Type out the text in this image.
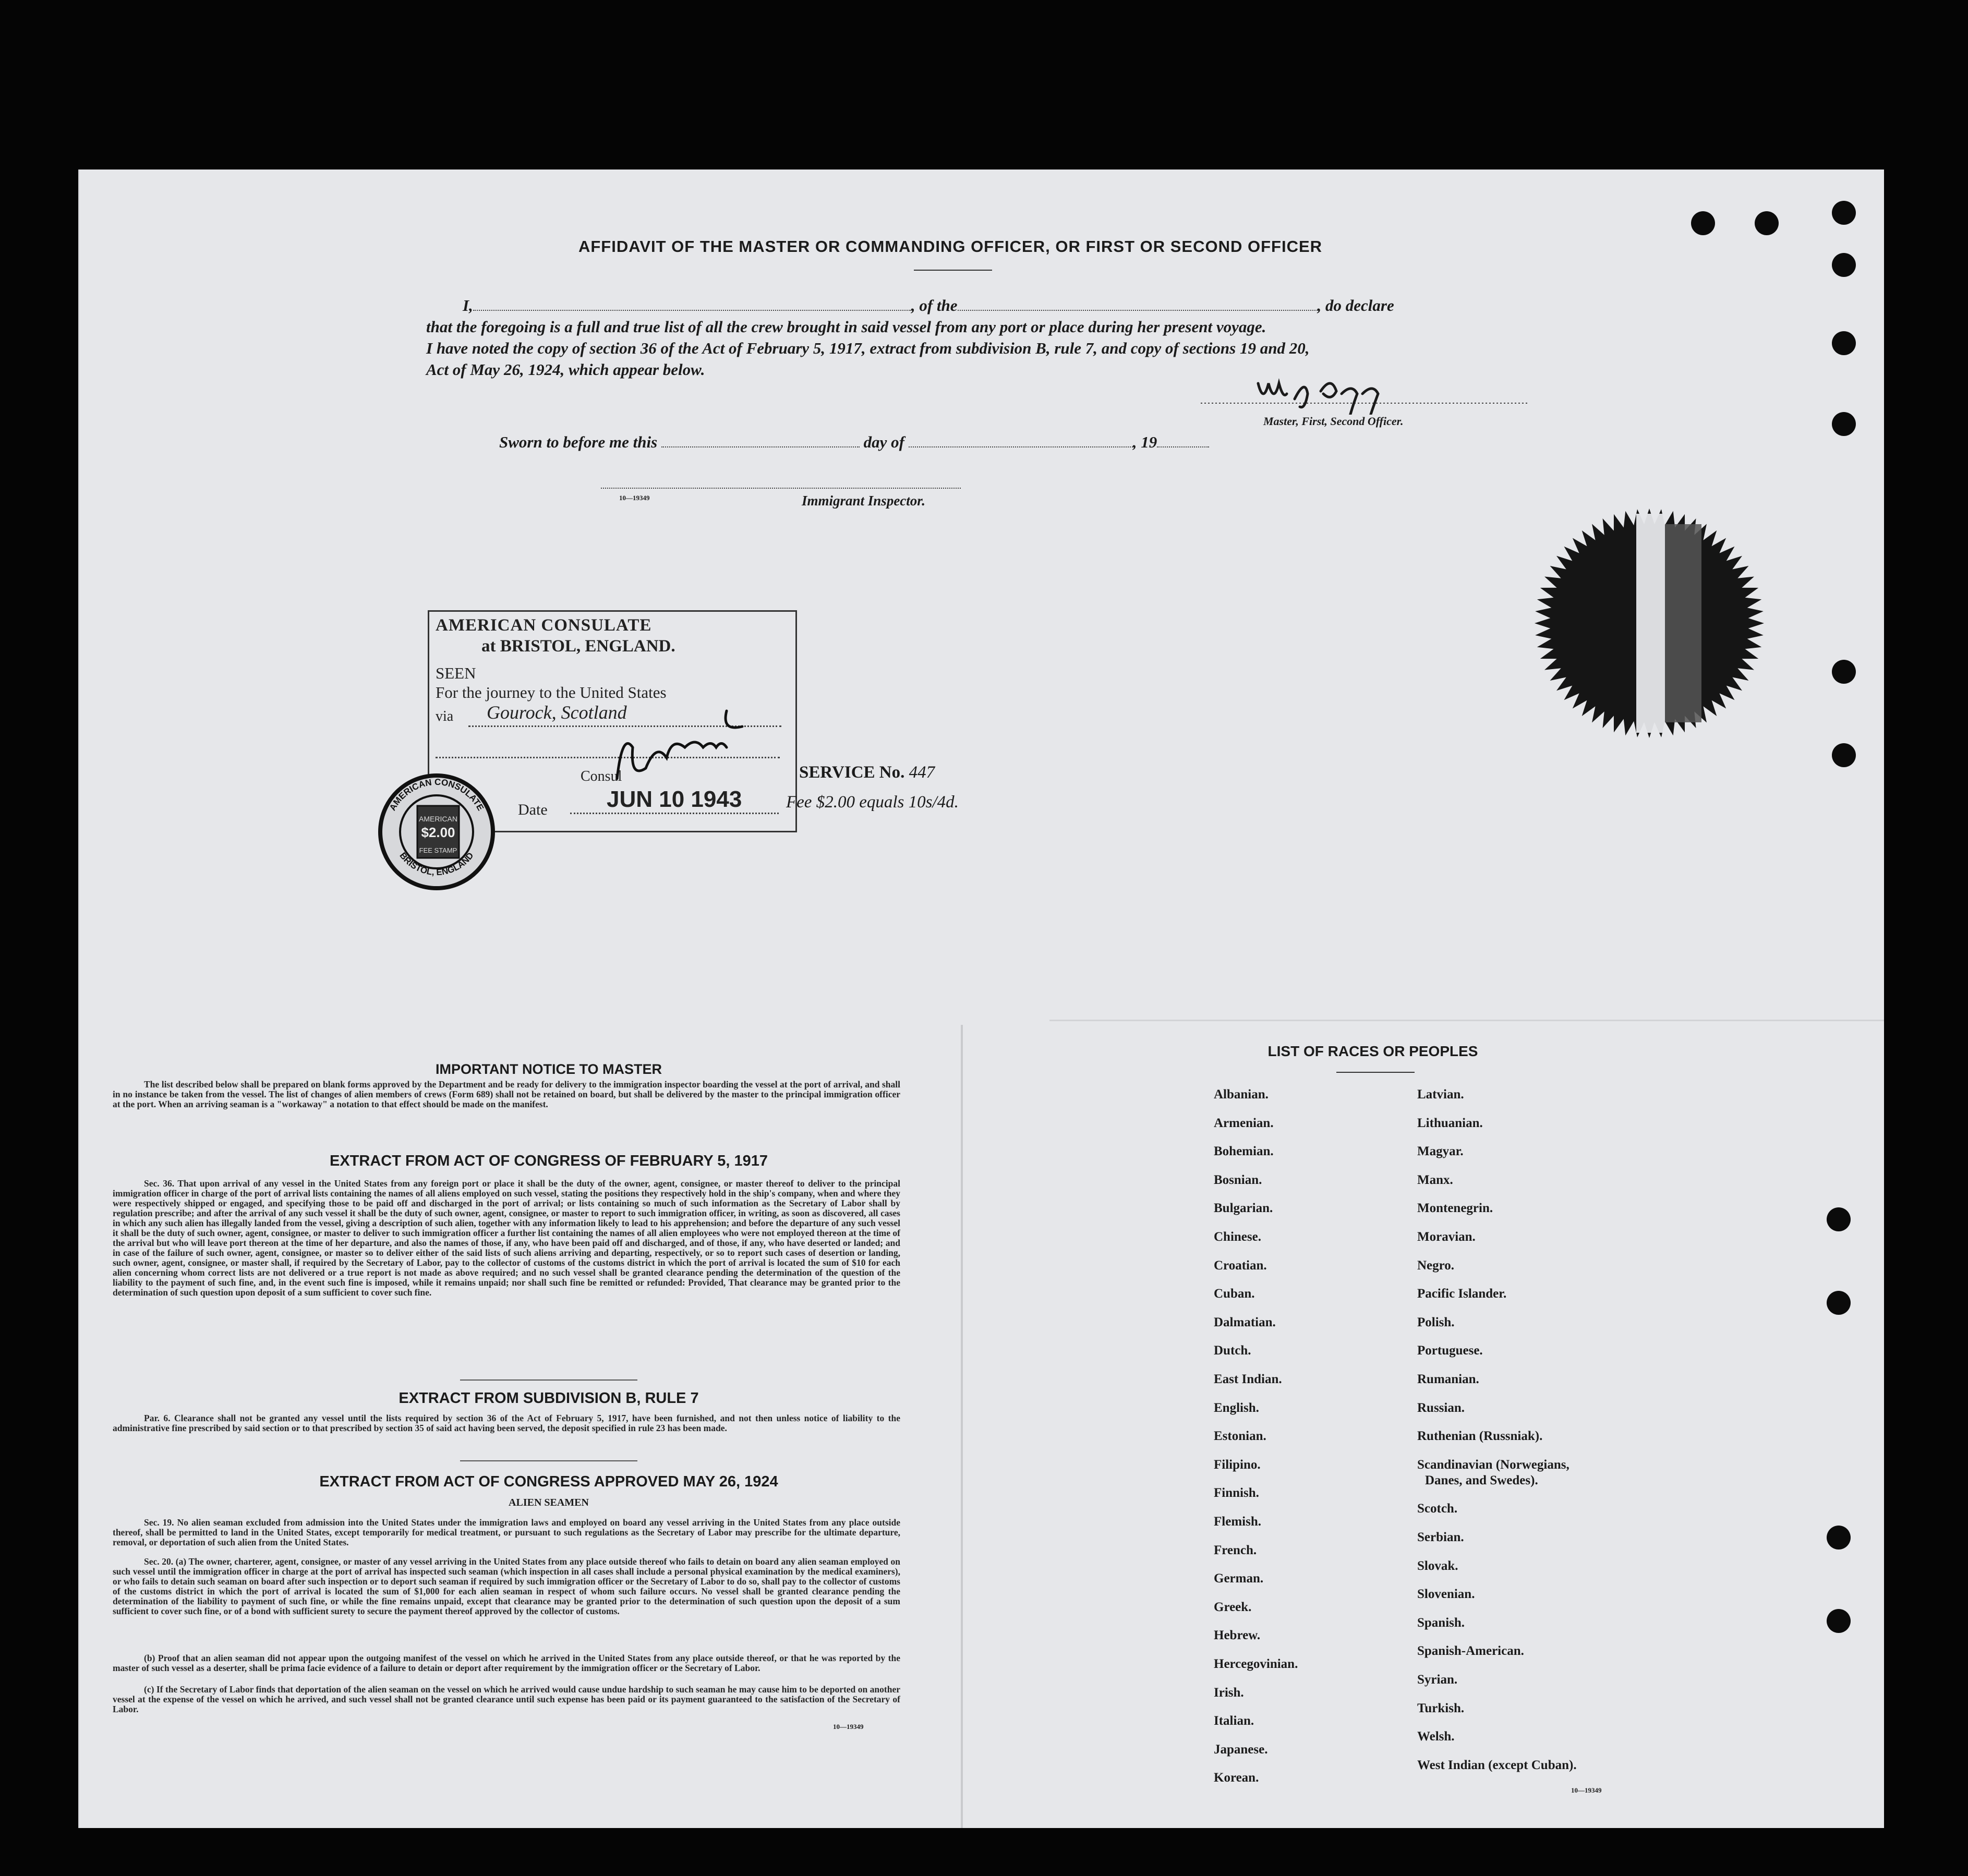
AFFIDAVIT OF THE MASTER OR COMMANDING OFFICER, OR FIRST OR SECOND OFFICER
I,	, of the	, do declare
that the foregoing is a full and true list of all the crew brought in said vessel from any port or place during her present voyage.
I have noted the copy of section 36 of the Act of February 5, 1917, extract from subdivision B, rule 7, and copy of sections 19 and 20,
Act of May 26, 1924, which appear below.
Master, First, Second Officer.
Sworn to before me this	day of	, 19
10—19349	Immigrant Inspector.
AMERICAN CONSULATE
at BRISTOL, ENGLAND.
SEEN
For the journey to the United States
via Gourock, Scotland
Consul
Date	JUN 10 1943
AMERICAN
$2.00
FEE STAMP
AMERICAN CONSULATE
BRISTOL, ENGLAND
SERVICE No. 447
Fee $2.00 equals 10s/4d.
IMPORTANT NOTICE TO MASTER
The list described below shall be prepared on blank forms approved by the Department and be ready for delivery to the immigration inspector boarding the vessel at the port of arrival, and shall in no instance be taken from the vessel. The list of changes of alien members of crews (Form 689) shall not be retained on board, but shall be delivered by the master to the principal immigration officer at the port. When an arriving seaman is a "workaway" a notation to that effect should be made on the manifest.
EXTRACT FROM ACT OF CONGRESS OF FEBRUARY 5, 1917
Sec. 36. That upon arrival of any vessel in the United States from any foreign port or place it shall be the duty of the owner, agent, consignee, or master thereof to deliver to the principal immigration officer in charge of the port of arrival lists containing the names of all aliens employed on such vessel, stating the positions they respectively hold in the ship's company, when and where they were respectively shipped or engaged, and specifying those to be paid off and discharged in the port of arrival; or lists containing so much of such information as the Secretary of Labor shall by regulation prescribe; and after the arrival of any such vessel it shall be the duty of such owner, agent, consignee, or master to report to such immigration officer, in writing, as soon as discovered, all cases in which any such alien has illegally landed from the vessel, giving a description of such alien, together with any information likely to lead to his apprehension; and before the departure of any such vessel it shall be the duty of such owner, agent, consignee, or master to deliver to such immigration officer a further list containing the names of all alien employees who were not employed thereon at the time of the arrival but who will leave port thereon at the time of her departure, and also the names of those, if any, who have been paid off and discharged, and of those, if any, who have deserted or landed; and in case of the failure of such owner, agent, consignee, or master so to deliver either of the said lists of such aliens arriving and departing, respectively, or so to report such cases of desertion or landing, such owner, agent, consignee, or master shall, if required by the Secretary of Labor, pay to the collector of customs of the customs district in which the port of arrival is located the sum of $10 for each alien concerning whom correct lists are not delivered or a true report is not made as above required; and no such vessel shall be granted clearance pending the determination of the question of the liability to the payment of such fine, and, in the event such fine is imposed, while it remains unpaid; nor shall such fine be remitted or refunded: Provided, That clearance may be granted prior to the determination of such question upon deposit of a sum sufficient to cover such fine.
EXTRACT FROM SUBDIVISION B, RULE 7
Par. 6. Clearance shall not be granted any vessel until the lists required by section 36 of the Act of February 5, 1917, have been furnished, and not then unless notice of liability to the administrative fine prescribed by said section or to that prescribed by section 35 of said act having been served, the deposit specified in rule 23 has been made.
EXTRACT FROM ACT OF CONGRESS APPROVED MAY 26, 1924
ALIEN SEAMEN
Sec. 19. No alien seaman excluded from admission into the United States under the immigration laws and employed on board any vessel arriving in the United States from any place outside thereof, shall be permitted to land in the United States, except temporarily for medical treatment, or pursuant to such regulations as the Secretary of Labor may prescribe for the ultimate departure, removal, or deportation of such alien from the United States.
Sec. 20. (a) The owner, charterer, agent, consignee, or master of any vessel arriving in the United States from any place outside thereof who fails to detain on board any alien seaman employed on such vessel until the immigration officer in charge at the port of arrival has inspected such seaman (which inspection in all cases shall include a personal physical examination by the medical examiners), or who fails to detain such seaman on board after such inspection or to deport such seaman if required by such immigration officer or the Secretary of Labor to do so, shall pay to the collector of customs of the customs district in which the port of arrival is located the sum of $1,000 for each alien seaman in respect of whom such failure occurs. No vessel shall be granted clearance pending the determination of the liability to payment of such fine, or while the fine remains unpaid, except that clearance may be granted prior to the determination of such question upon the deposit of a sum sufficient to cover such fine, or of a bond with sufficient surety to secure the payment thereof approved by the collector of customs.
(b) Proof that an alien seaman did not appear upon the outgoing manifest of the vessel on which he arrived in the United States from any place outside thereof, or that he was reported by the master of such vessel as a deserter, shall be prima facie evidence of a failure to detain or deport after requirement by the immigration officer or the Secretary of Labor.
(c) If the Secretary of Labor finds that deportation of the alien seaman on the vessel on which he arrived would cause undue hardship to such seaman he may cause him to be deported on another vessel at the expense of the vessel on which he arrived, and such vessel shall not be granted clearance until such expense has been paid or its payment guaranteed to the satisfaction of the Secretary of Labor.
10—19349
LIST OF RACES OR PEOPLES
Albanian.
Armenian.
Bohemian.
Bosnian.
Bulgarian.
Chinese.
Croatian.
Cuban.
Dalmatian.
Dutch.
East Indian.
English.
Estonian.
Filipino.
Finnish.
Flemish.
French.
German.
Greek.
Hebrew.
Hercegovinian.
Irish.
Italian.
Japanese.
Korean.
Latvian.
Lithuanian.
Magyar.
Manx.
Montenegrin.
Moravian.
Negro.
Pacific Islander.
Polish.
Portuguese.
Rumanian.
Russian.
Ruthenian (Russniak).
Scandinavian (Norwegians,
Danes, and Swedes).
Scotch.
Serbian.
Slovak.
Slovenian.
Spanish.
Spanish-American.
Syrian.
Turkish.
Welsh.
West Indian (except Cuban).
10—19349
